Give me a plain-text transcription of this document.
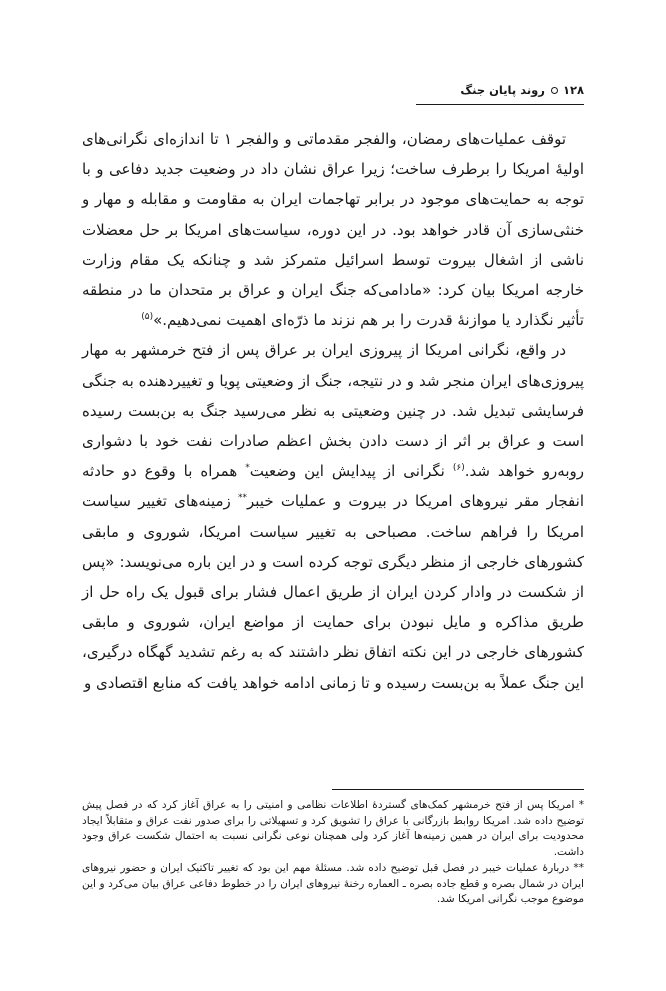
۱۲۸
روند پایان جنگ

توقف عملیات‌های رمضان، والفجر مقدماتی و والفجر ۱ تا اندازه‌ای نگرانی‌های اولیهٔ امریکا را برطرف ساخت؛ زیرا عراق نشان داد در وضعیت جدید دفاعی و با توجه به حمایت‌های موجود در برابر تهاجمات ایران به مقاومت و مقابله و مهار و خنثی‌سازی آن قادر خواهد بود. در این دوره، سیاست‌های امریکا بر حل معضلات ناشی از اشغال بیروت توسط اسرائیل متمرکز شد و چنانکه یک مقام وزارت خارجه امریکا بیان کرد: «مادامی‌که جنگ ایران و عراق بر متحدان ما در منطقه تأثیر نگذارد یا موازنهٔ قدرت را بر هم نزند ما ذرّه‌ای اهمیت نمی‌دهیم.»$^{(۵)}$

در واقع، نگرانی امریکا از پیروزی ایران بر عراق پس از فتح خرمشهر به مهار پیروزی‌های ایران منجر شد و در نتیجه، جنگ از وضعیتی پویا و تغییردهنده به جنگی فرسایشی تبدیل شد. در چنین وضعیتی به نظر می‌رسید جنگ به بن‌بست رسیده است و عراق بر اثر از دست دادن بخش اعظم صادرات نفت خود با دشواری روبه‌رو خواهد شد.$^{(۶)}$ نگرانی از پیدایش این وضعیت* همراه با وقوع دو حادثه انفجار مقر نیروهای امریکا در بیروت و عملیات خیبر** زمینه‌های تغییر سیاست امریکا را فراهم ساخت. مصباحی به تغییر سیاست امریکا، شوروی و مابقی کشورهای خارجی از منظر دیگری توجه کرده است و در این باره می‌نویسد: «پس از شکست در وادار کردن ایران از طریق اعمال فشار برای قبول یک راه حل از طریق مذاکره و مایل نبودن برای حمایت از مواضع ایران، شوروی و مابقی کشورهای خارجی در این نکته اتفاق نظر داشتند که به رغم تشدید گهگاه درگیری، این جنگ عملاً به بن‌بست رسیده و تا زمانی ادامه خواهد یافت که منابع اقتصادی و

* امریکا پس از فتح خرمشهر کمک‌های گستردهٔ اطلاعات نظامی و امنیتی را به عراق آغاز کرد که در فصل پیش توضیح داده شد. امریکا روابط بازرگانی با عراق را تشویق کرد و تسهیلاتی را برای صدور نفت عراق و متقابلاً ایجاد محدودیت برای ایران در همین زمینه‌ها آغاز کرد ولی همچنان نوعی نگرانی نسبت به احتمال شکست عراق وجود داشت.

** دربارهٔ عملیات خیبر در فصل قبل توضیح داده شد. مسئلهٔ مهم این بود که تغییر تاکتیک ایران و حضور نیروهای ایران در شمال بصره و قطع جاده بصره ـ العماره رخنهٔ نیروهای ایران را در خطوط دفاعی عراق بیان می‌کرد و این موضوع موجب نگرانی امریکا شد.
